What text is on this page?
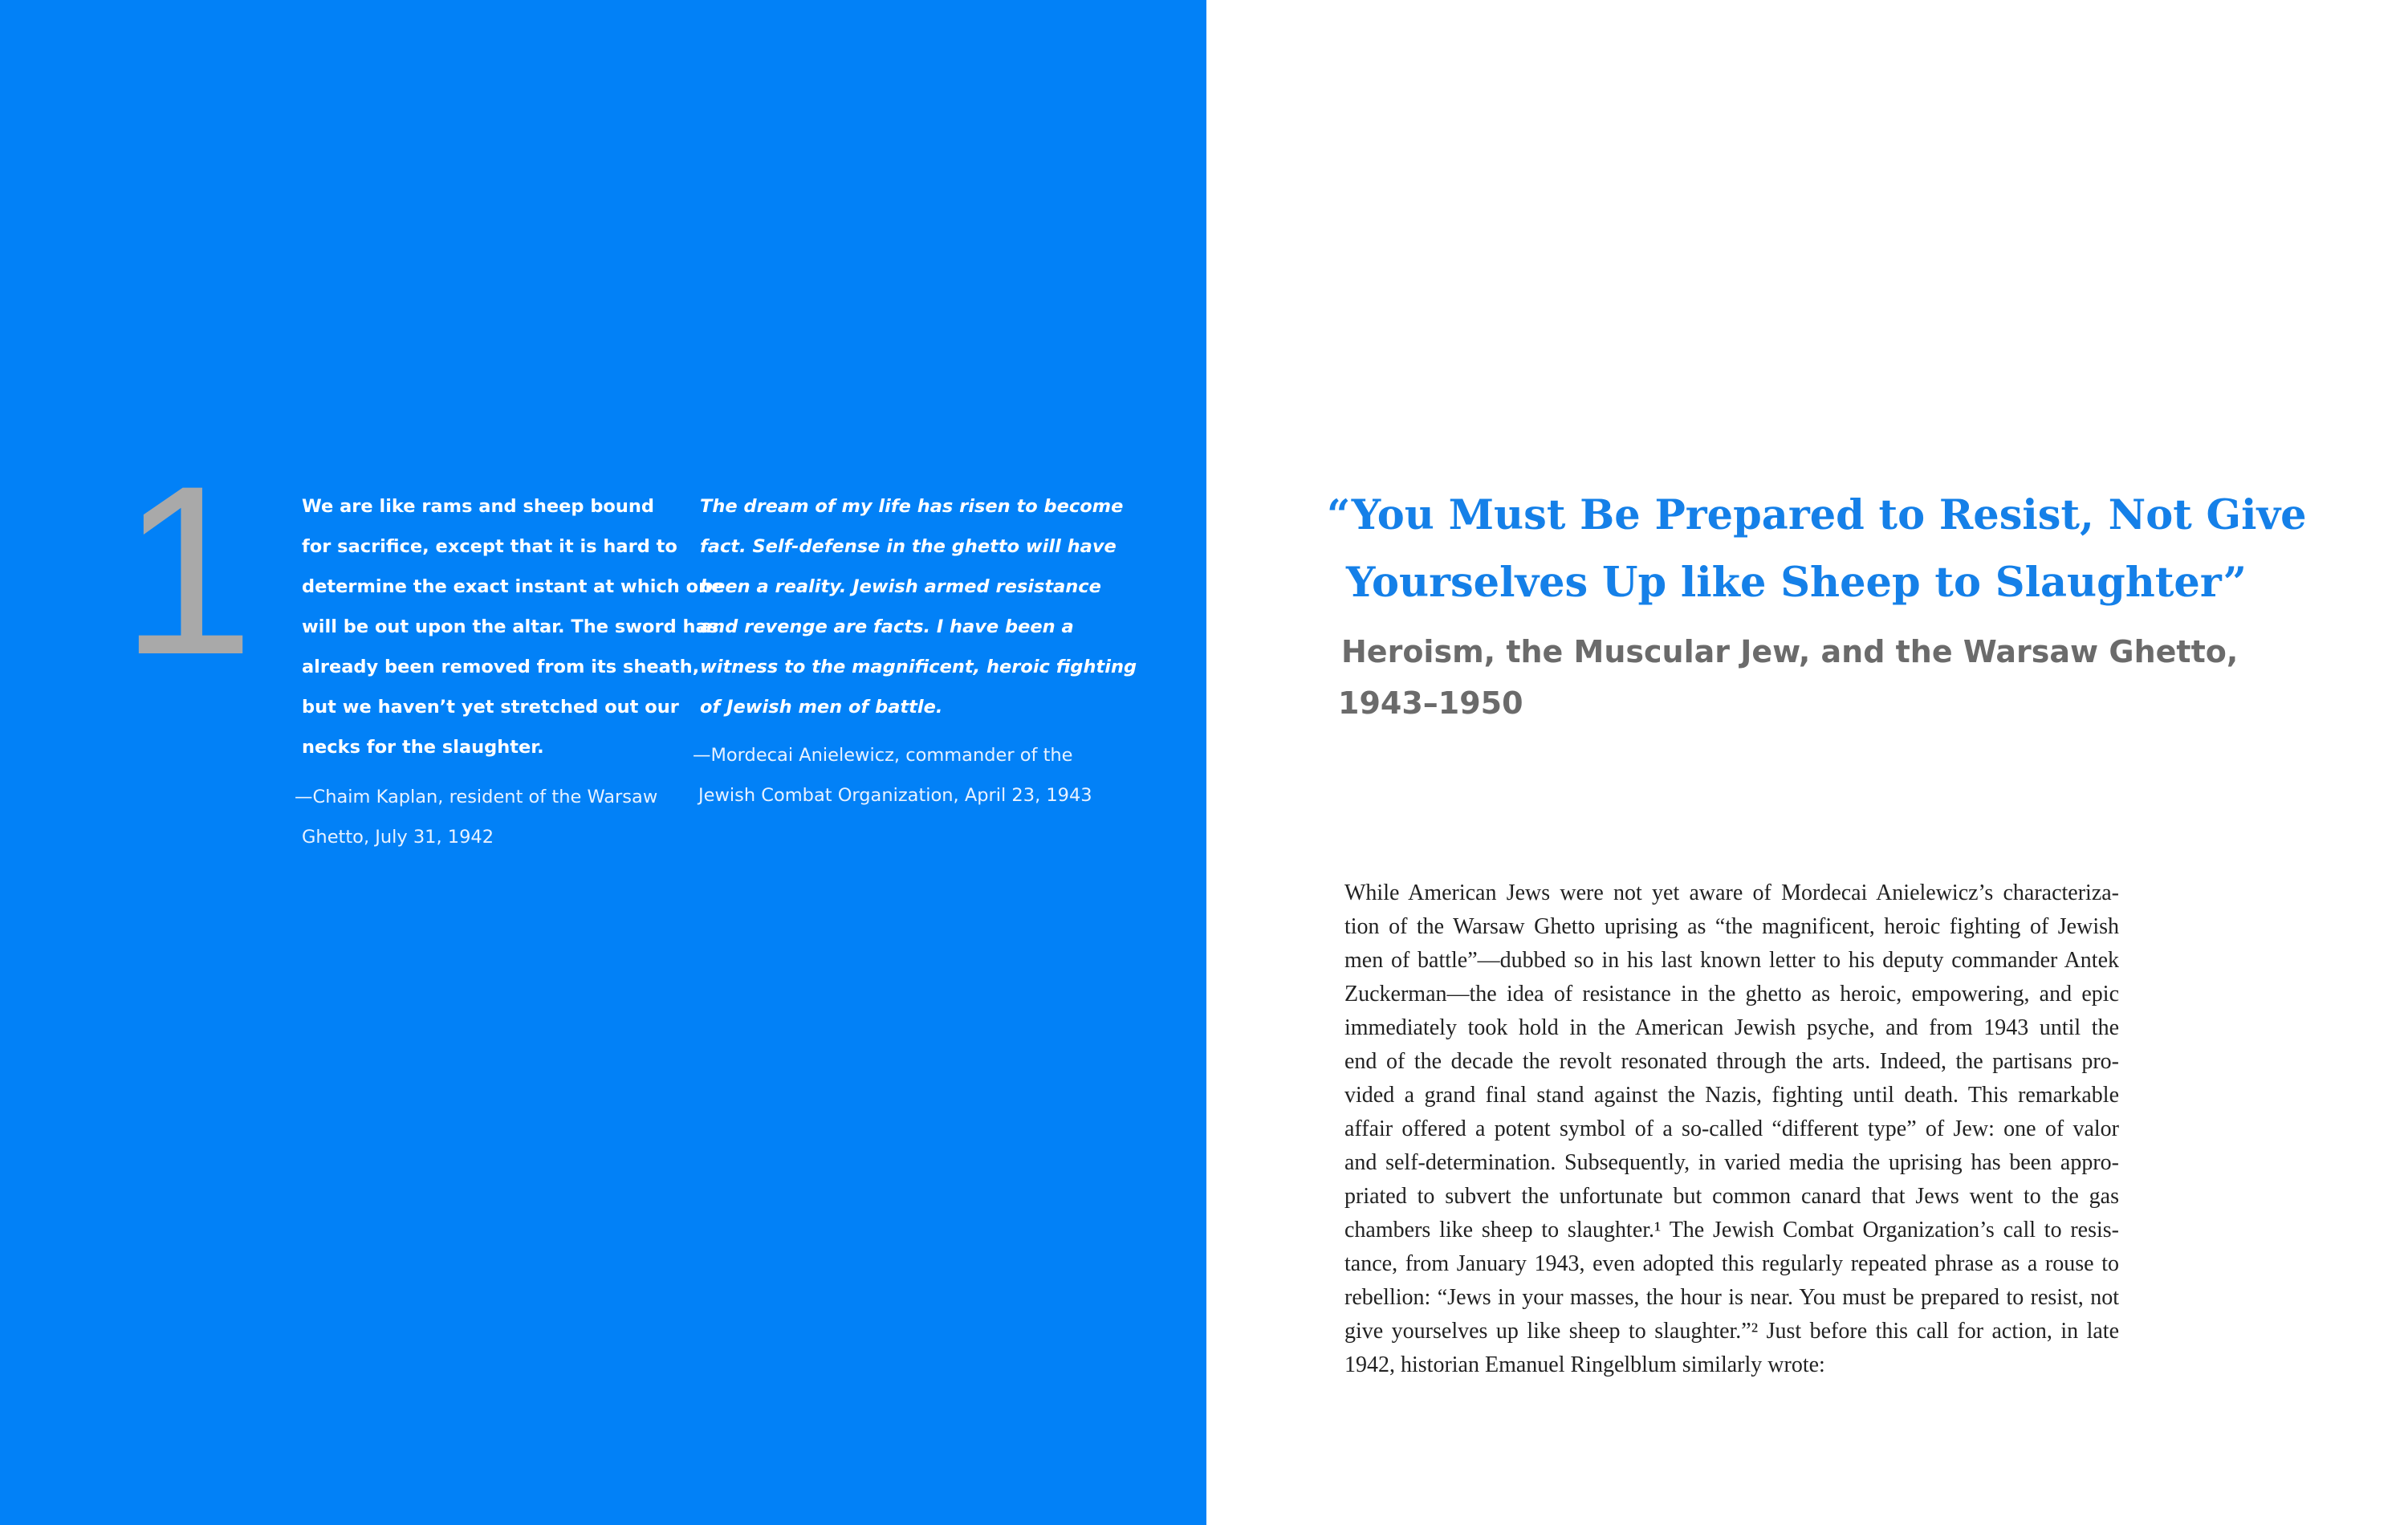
1	We are like rams and sheep bound
for sacrifice, except that it is hard to
determine the exact instant at which one
will be out upon the altar. The sword has
already been removed from its sheath,
but we haven’t yet stretched out our
necks for the slaughter.

—Chaim Kaplan, resident of the Warsaw
Ghetto, July 31, 1942

The dream of my life has risen to become
fact. Self-defense in the ghetto will have
been a reality. Jewish armed resistance
and revenge are facts. I have been a
witness to the magnificent, heroic fighting
of Jewish men of battle.

—Mordecai Anielewicz, commander of the
Jewish Combat Organization, April 23, 1943

“You Must Be Prepared to Resist, Not Give
Yourselves Up like Sheep to Slaughter”
Heroism, the Muscular Jew, and the Warsaw Ghetto,
1943–1950

While American Jews were not yet aware of Mordecai Anielewicz’s characteriza-
tion of the Warsaw Ghetto uprising as “the magnificent, heroic fighting of Jewish
men of battle”—dubbed so in his last known letter to his deputy commander Antek
Zuckerman—the idea of resistance in the ghetto as heroic, empowering, and epic
immediately took hold in the American Jewish psyche, and from 1943 until the
end of the decade the revolt resonated through the arts. Indeed, the partisans pro-
vided a grand final stand against the Nazis, fighting until death. This remarkable
affair offered a potent symbol of a so-called “different type” of Jew: one of valor
and self-determination. Subsequently, in varied media the uprising has been appro-
priated to subvert the unfortunate but common canard that Jews went to the gas
chambers like sheep to slaughter.¹ The Jewish Combat Organization’s call to resis-
tance, from January 1943, even adopted this regularly repeated phrase as a rouse to
rebellion: “Jews in your masses, the hour is near. You must be prepared to resist, not
give yourselves up like sheep to slaughter.”² Just before this call for action, in late
1942, historian Emanuel Ringelblum similarly wrote:
